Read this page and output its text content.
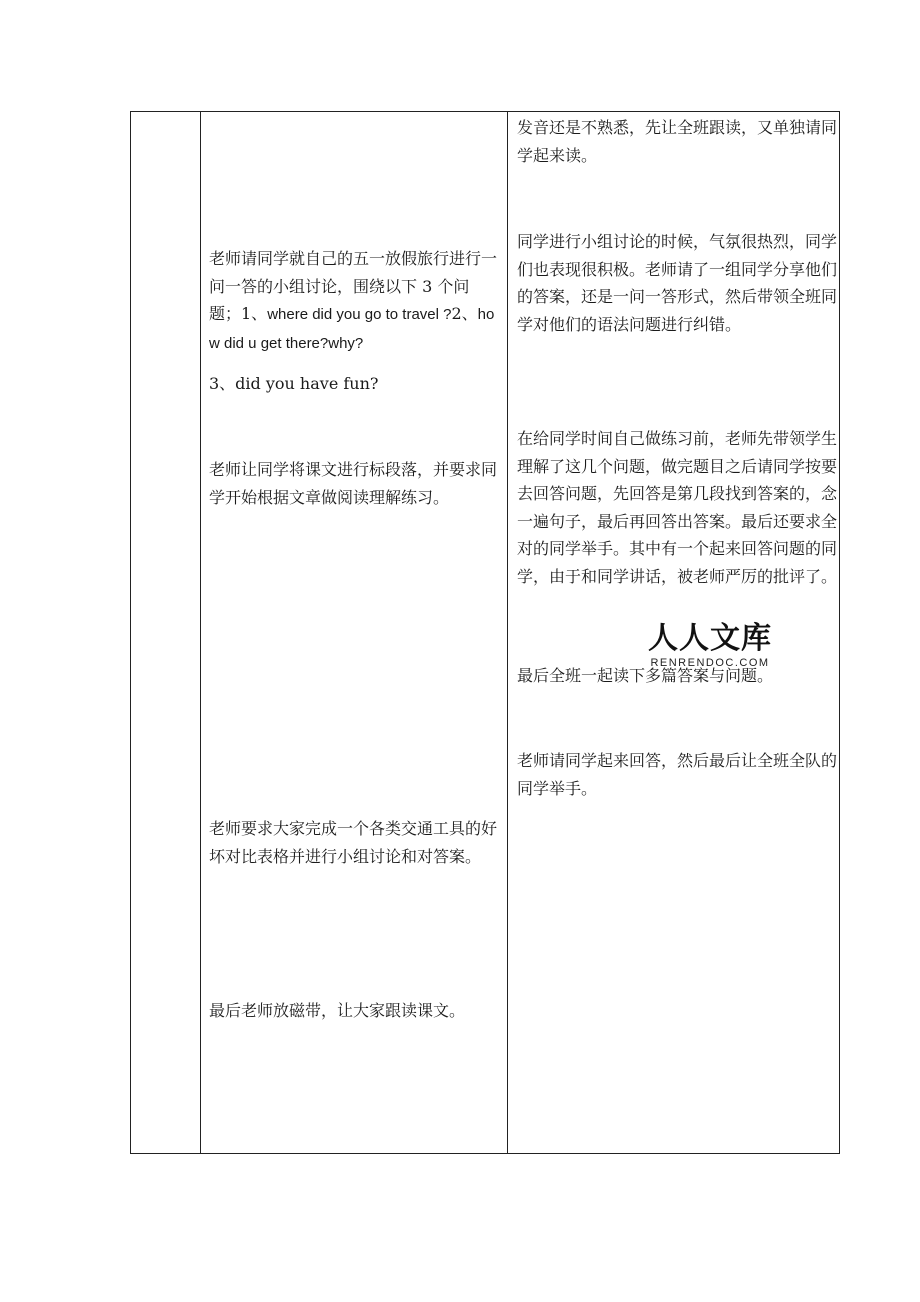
老师请同学就自己的五一放假旅行进行一问一答的小组讨论，围绕以下 3 个问题；1、where did you go to travel ?2、how did u get there?why?

3、did you have fun?

老师让同学将课文进行标段落，并要求同学开始根据文章做阅读理解练习。

老师要求大家完成一个各类交通工具的好坏对比表格并进行小组讨论和对答案。

最后老师放磁带，让大家跟读课文。

发音还是不熟悉，先让全班跟读，又单独请同学起来读。

同学进行小组讨论的时候，气氛很热烈，同学们也表现很积极。老师请了一组同学分享他们的答案，还是一问一答形式，然后带领全班同学对他们的语法问题进行纠错。

在给同学时间自己做练习前，老师先带领学生理解了这几个问题，做完题目之后请同学按要去回答问题，先回答是第几段找到答案的，念一遍句子，最后再回答出答案。最后还要求全对的同学举手。其中有一个起来回答问题的同学，由于和同学讲话，被老师严厉的批评了。

最后全班一起读下多篇答案与问题。

老师请同学起来回答，然后最后让全班全队的同学举手。

人人文库
RENRENDOC.COM
